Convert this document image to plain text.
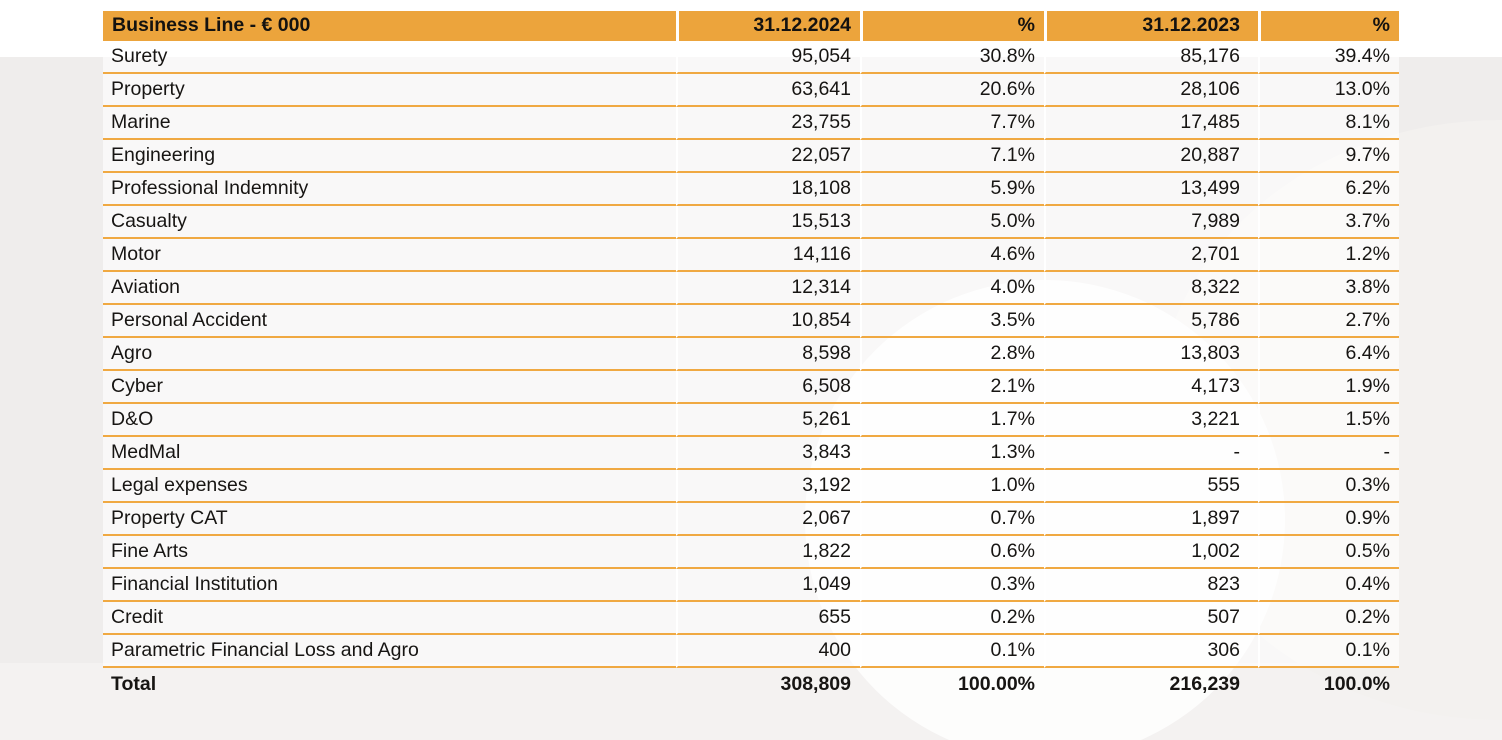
Business Line - € 000	31.12.2024	%	31.12.2023	%
Surety	95,054	30.8%	85,176	39.4%
Property	63,641	20.6%	28,106	13.0%
Marine	23,755	7.7%	17,485	8.1%
Engineering	22,057	7.1%	20,887	9.7%
Professional Indemnity	18,108	5.9%	13,499	6.2%
Casualty	15,513	5.0%	7,989	3.7%
Motor	14,116	4.6%	2,701	1.2%
Aviation	12,314	4.0%	8,322	3.8%
Personal Accident	10,854	3.5%	5,786	2.7%
Agro	8,598	2.8%	13,803	6.4%
Cyber	6,508	2.1%	4,173	1.9%
D&O	5,261	1.7%	3,221	1.5%
MedMal	3,843	1.3%	-	-
Legal expenses	3,192	1.0%	555	0.3%
Property CAT	2,067	0.7%	1,897	0.9%
Fine Arts	1,822	0.6%	1,002	0.5%
Financial Institution	1,049	0.3%	823	0.4%
Credit	655	0.2%	507	0.2%
Parametric Financial Loss and Agro	400	0.1%	306	0.1%
Total	308,809	100.00%	216,239	100.0%
